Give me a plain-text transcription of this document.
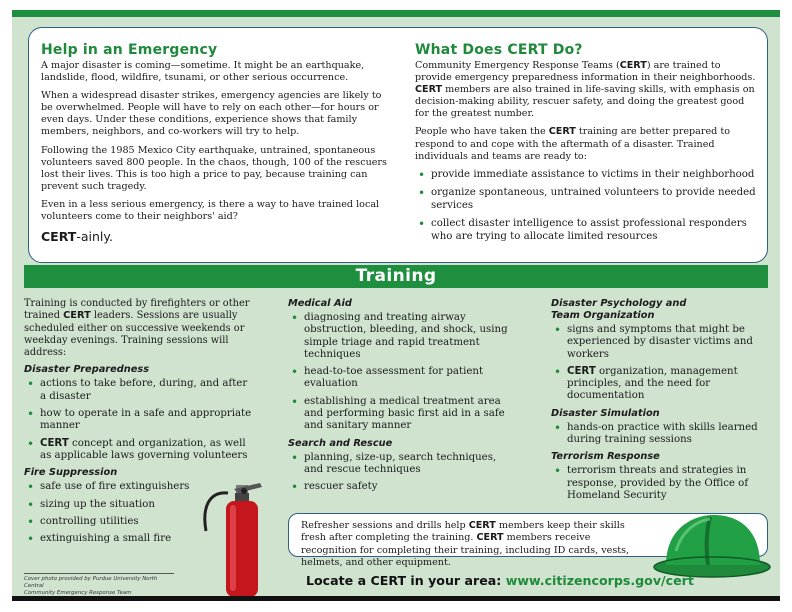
Help in an Emergency

A major disaster is coming—sometime. It might be an earthquake, landslide, flood, wildfire, tsunami, or other serious occurrence.

When a widespread disaster strikes, emergency agencies are likely to be overwhelmed. People will have to rely on each other—for hours or even days. Under these conditions, experience shows that family members, neighbors, and co-workers will try to help.

Following the 1985 Mexico City earthquake, untrained, spontaneous volunteers saved 800 people. In the chaos, though, 100 of the rescuers lost their lives. This is too high a price to pay, because training can prevent such tragedy.

Even in a less serious emergency, is there a way to have trained local volunteers come to their neighbors' aid?

CERT-ainly.
What Does CERT Do?

Community Emergency Response Teams (CERT) are trained to provide emergency preparedness information in their neighborhoods. CERT members are also trained in life-saving skills, with emphasis on decision-making ability, rescuer safety, and doing the greatest good for the greatest number.

People who have taken the CERT training are better prepared to respond to and cope with the aftermath of a disaster. Trained individuals and teams are ready to:

• provide immediate assistance to victims in their neighborhood
• organize spontaneous, untrained volunteers to provide needed services
• collect disaster intelligence to assist professional responders who are trying to allocate limited resources
Training

Training is conducted by firefighters or other trained CERT leaders. Sessions are usually scheduled either on successive weekends or weekday evenings. Training sessions will address:

Disaster Preparedness
• actions to take before, during, and after a disaster
• how to operate in a safe and appropriate manner
• CERT concept and organization, as well as applicable laws governing volunteers
Fire Suppression
• safe use of fire extinguishers
• sizing up the situation
• controlling utilities
• extinguishing a small fire
Medical Aid
• diagnosing and treating airway obstruction, bleeding, and shock, using simple triage and rapid treatment techniques
• head-to-toe assessment for patient evaluation
• establishing a medical treatment area and performing basic first aid in a safe and sanitary manner
Search and Rescue
• planning, size-up, search techniques, and rescue techniques
• rescuer safety
Disaster Psychology and
Team Organization
• signs and symptoms that might be experienced by disaster victims and workers
• CERT organization, management principles, and the need for documentation
Disaster Simulation
• hands-on practice with skills learned during training sessions
Terrorism Response
• terrorism threats and strategies in response, provided by the Office of Homeland Security

Refresher sessions and drills help CERT members keep their skills fresh after completing the training. CERT members receive recognition for completing their training, including ID cards, vests, helmets, and other equipment.

Cover photo provided by Purdue University North Central
Community Emergency Response Team
Locate a CERT in your area: www.citizencorps.gov/cert
